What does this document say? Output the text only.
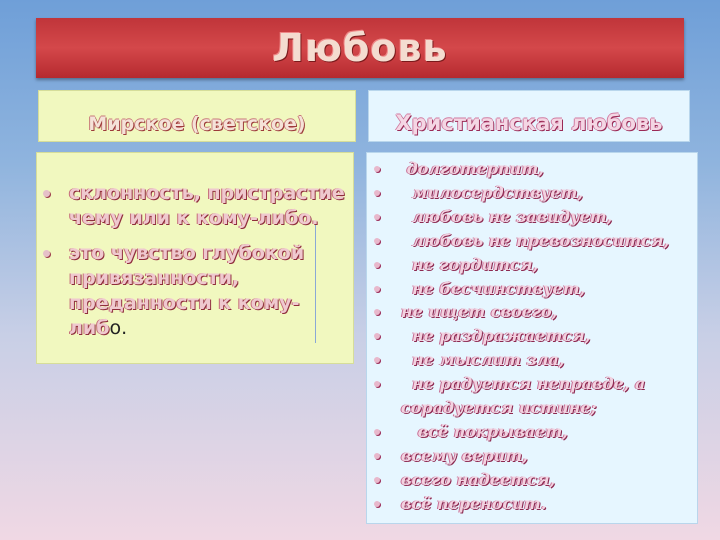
Любовь
Мирское (светское)	Христианская любовь
склонность, пристрастие чему или к кому-либо.
это чувство глубокой привязанности, преданности к кому-либо.
долготерпит,
милосердствует,
любовь не завидует,
любовь не превозносится,
не гордится,
не бесчинствует,
не ищет своего,
не раздражается,
не мыслит зла,
не радуется неправде, а
сорадуется истине;
всё покрывает,
всему верит,
всего надеется,
всё переносит.
